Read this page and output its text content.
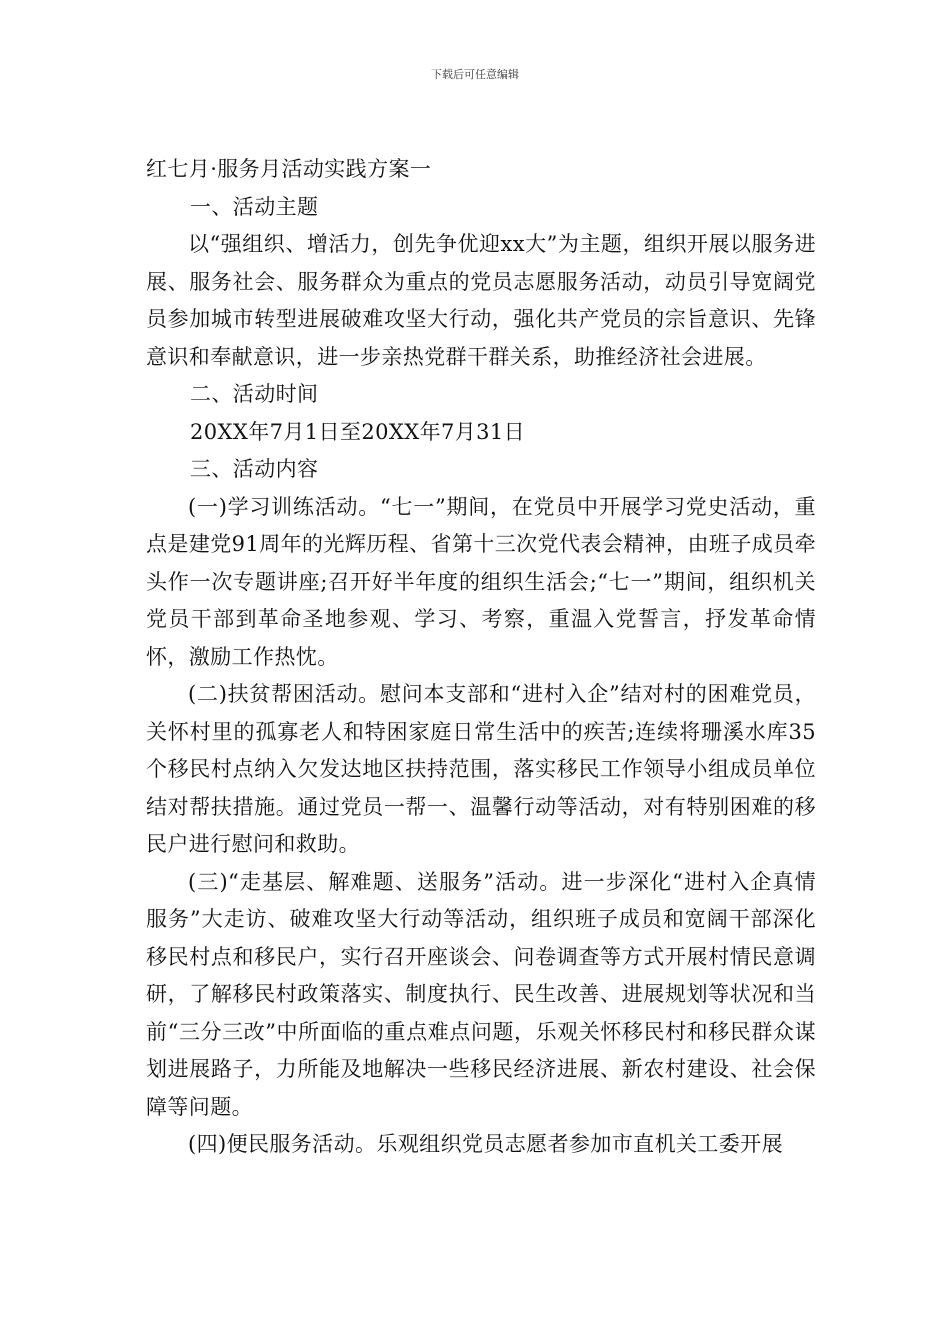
下载后可任意编辑
红七月·服务月活动实践方案一
一、活动主题

以“强组织、增活力，创先争优迎xx大”为主题，组织开展以服务进展、服务社会、服务群众为重点的党员志愿服务活动，动员引导宽阔党员参加城市转型进展破难攻坚大行动，强化共产党员的宗旨意识、先锋意识和奉献意识，进一步亲热党群干群关系，助推经济社会进展。

二、活动时间

20XX年7月1日至20XX年7月31日

三、活动内容

(一)学习训练活动。“七一”期间，在党员中开展学习党史活动，重点是建党91周年的光辉历程、省第十三次党代表会精神，由班子成员牵头作一次专题讲座;召开好半年度的组织生活会;“七一”期间，组织机关党员干部到革命圣地参观、学习、考察，重温入党誓言，抒发革命情怀，激励工作热忱。

(二)扶贫帮困活动。慰问本支部和“进村入企”结对村的困难党员，关怀村里的孤寡老人和特困家庭日常生活中的疾苦;连续将珊溪水库35个移民村点纳入欠发达地区扶持范围，落实移民工作领导小组成员单位结对帮扶措施。通过党员一帮一、温馨行动等活动，对有特别困难的移民户进行慰问和救助。

(三)“走基层、解难题、送服务”活动。进一步深化“进村入企真情服务”大走访、破难攻坚大行动等活动，组织班子成员和宽阔干部深化移民村点和移民户，实行召开座谈会、问卷调查等方式开展村情民意调研，了解移民村政策落实、制度执行、民生改善、进展规划等状况和当前“三分三改”中所面临的重点难点问题，乐观关怀移民村和移民群众谋划进展路子，力所能及地解决一些移民经济进展、新农村建设、社会保障等问题。

(四)便民服务活动。乐观组织党员志愿者参加市直机关工委开展
